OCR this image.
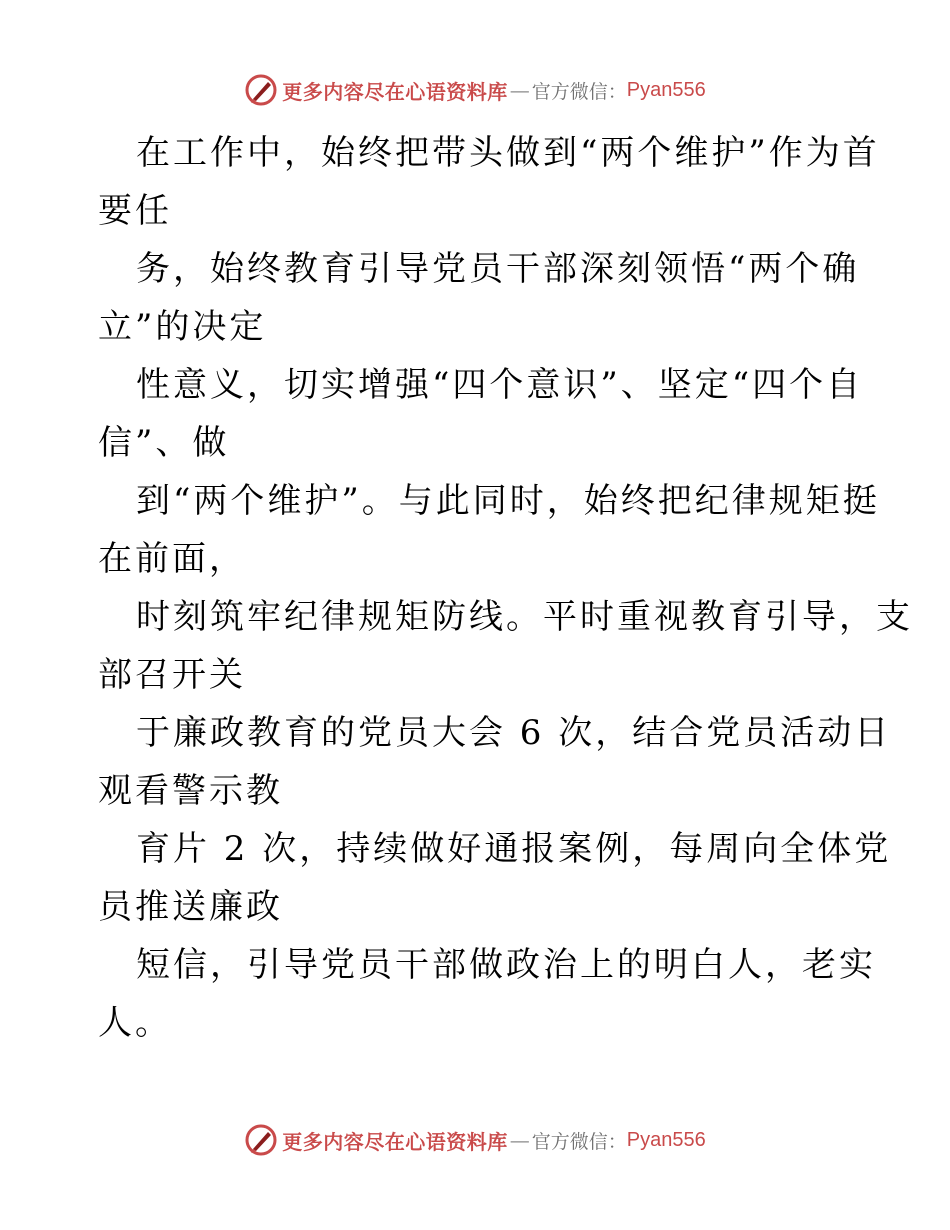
更多内容尽在心语资料库 — 官方微信： Pyan556
在工作中，始终把带头做到“两个维护”作为首
要任
务，始终教育引导党员干部深刻领悟“两个确
立”的决定
性意义，切实增强“四个意识”、坚定“四个自
信”、做
到“两个维护”。与此同时，始终把纪律规矩挺
在前面，
时刻筑牢纪律规矩防线。平时重视教育引导，支
部召开关
于廉政教育的党员大会 6 次，结合党员活动日
观看警示教
育片 2 次，持续做好通报案例，每周向全体党
员推送廉政
短信，引导党员干部做政治上的明白人，老实
人。
更多内容尽在心语资料库 — 官方微信： Pyan556
